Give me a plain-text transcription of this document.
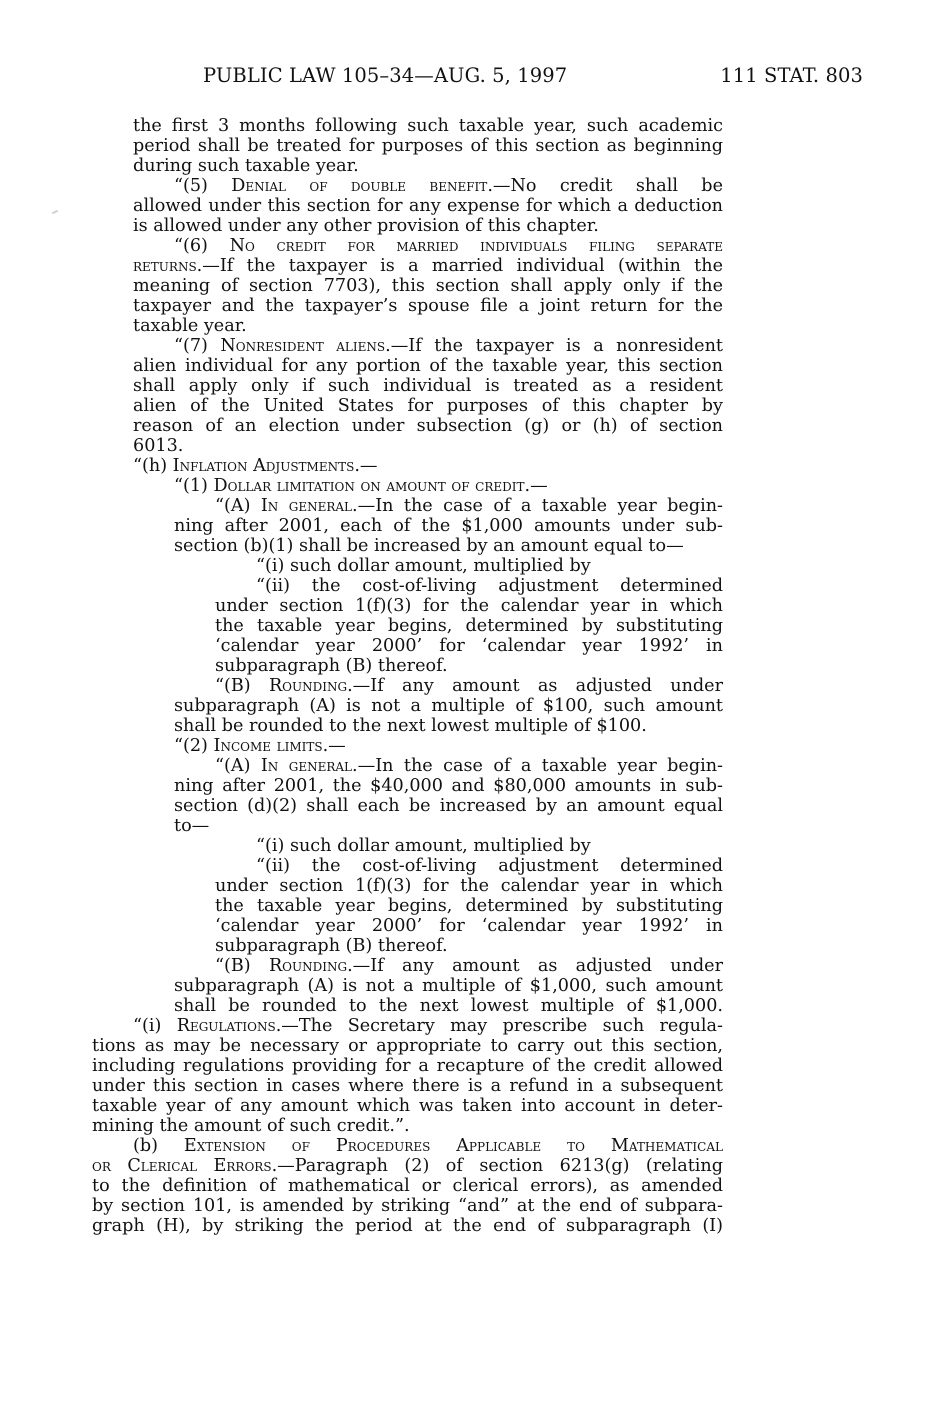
PUBLIC LAW 105–34—AUG. 5, 1997	111 STAT. 803
the first 3 months following such taxable year, such academic
period shall be treated for purposes of this section as beginning
during such taxable year.
“(5) Denial of double benefit.—No credit shall be
allowed under this section for any expense for which a deduction
is allowed under any other provision of this chapter.
“(6) No credit for married individuals filing separate
returns.—If the taxpayer is a married individual (within the
meaning of section 7703), this section shall apply only if the
taxpayer and the taxpayer’s spouse file a joint return for the
taxable year.
“(7) Nonresident aliens.—If the taxpayer is a nonresident
alien individual for any portion of the taxable year, this section
shall apply only if such individual is treated as a resident
alien of the United States for purposes of this chapter by
reason of an election under subsection (g) or (h) of section
6013.
“(h) Inflation Adjustments.—
“(1) Dollar limitation on amount of credit.—
“(A) In general.—In the case of a taxable year begin-
ning after 2001, each of the $1,000 amounts under sub-
section (b)(1) shall be increased by an amount equal to—
“(i) such dollar amount, multiplied by
“(ii) the cost-of-living adjustment determined
under section 1(f)(3) for the calendar year in which
the taxable year begins, determined by substituting
‘calendar year 2000’ for ‘calendar year 1992’ in
subparagraph (B) thereof.
“(B) Rounding.—If any amount as adjusted under
subparagraph (A) is not a multiple of $100, such amount
shall be rounded to the next lowest multiple of $100.
“(2) Income limits.—
“(A) In general.—In the case of a taxable year begin-
ning after 2001, the $40,000 and $80,000 amounts in sub-
section (d)(2) shall each be increased by an amount equal
to—
“(i) such dollar amount, multiplied by
“(ii) the cost-of-living adjustment determined
under section 1(f)(3) for the calendar year in which
the taxable year begins, determined by substituting
‘calendar year 2000’ for ‘calendar year 1992’ in
subparagraph (B) thereof.
“(B) Rounding.—If any amount as adjusted under
subparagraph (A) is not a multiple of $1,000, such amount
shall be rounded to the next lowest multiple of $1,000.
“(i) Regulations.—The Secretary may prescribe such regula-
tions as may be necessary or appropriate to carry out this section,
including regulations providing for a recapture of the credit allowed
under this section in cases where there is a refund in a subsequent
taxable year of any amount which was taken into account in deter-
mining the amount of such credit.”.
(b) Extension of Procedures Applicable to Mathematical
or Clerical Errors.—Paragraph (2) of section 6213(g) (relating
to the definition of mathematical or clerical errors), as amended
by section 101, is amended by striking “and” at the end of subpara-
graph (H), by striking the period at the end of subparagraph (I)
